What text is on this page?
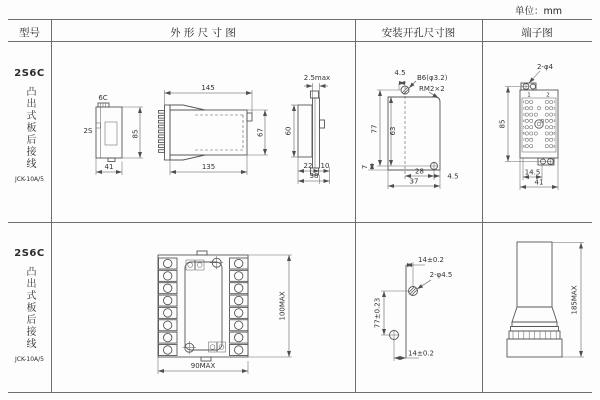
单位：mm
型号	外 形 尺 寸 图	安装开孔尺寸图	端子图
2S6C
凸出式板后接线
JCK-10A/5
2S6C
凸出式板后接线
JCK-10A/5
6C
2S	85
41
145
67
135
2.5max
60
22 10
38
4.5
B6(φ3.2)
RM2×2
77 63
7
28
4.5
37
2-φ4
1	2
1	1
2	2
3	3
4	4
5	5
6	6
7	7
8	8
85
14.5
41
90MAX
100MAX
14±0.2
2-φ4.5
77±0.23
14±0.2
185MAX
